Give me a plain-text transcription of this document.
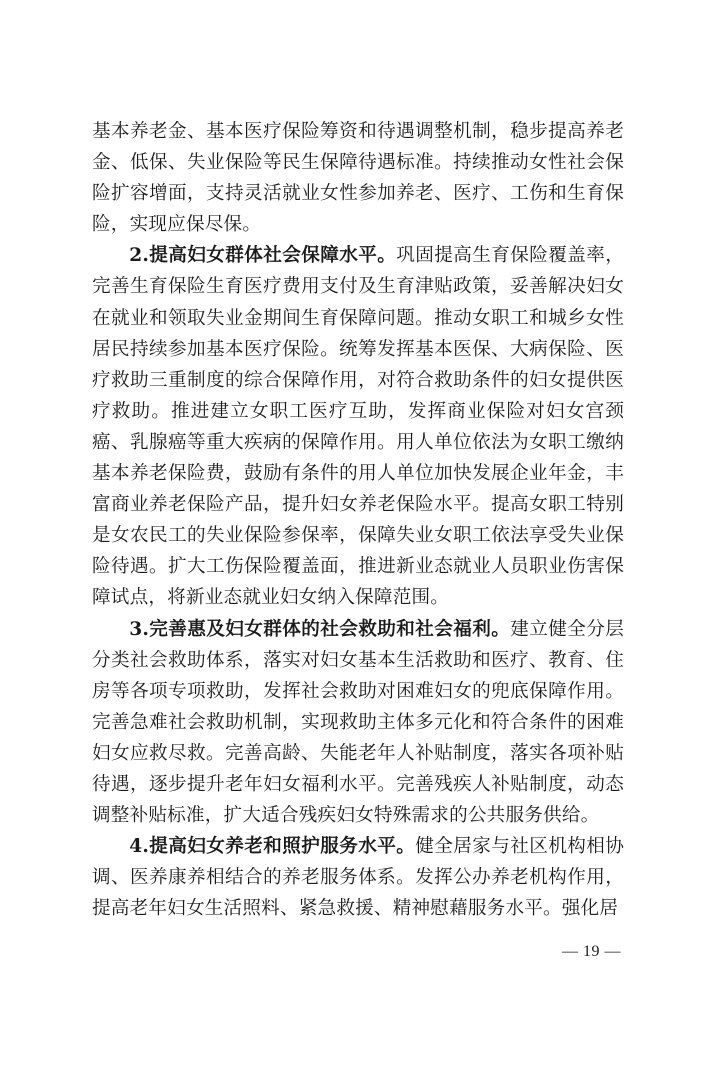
基本养老金、基本医疗保险筹资和待遇调整机制，稳步提高养老金、低保、失业保险等民生保障待遇标准。持续推动女性社会保险扩容增面，支持灵活就业女性参加养老、医疗、工伤和生育保险，实现应保尽保。

2.提高妇女群体社会保障水平。巩固提高生育保险覆盖率，完善生育保险生育医疗费用支付及生育津贴政策，妥善解决妇女在就业和领取失业金期间生育保障问题。推动女职工和城乡女性居民持续参加基本医疗保险。统筹发挥基本医保、大病保险、医疗救助三重制度的综合保障作用，对符合救助条件的妇女提供医疗救助。推进建立女职工医疗互助，发挥商业保险对妇女宫颈癌、乳腺癌等重大疾病的保障作用。用人单位依法为女职工缴纳基本养老保险费，鼓励有条件的用人单位加快发展企业年金，丰富商业养老保险产品，提升妇女养老保险水平。提高女职工特别是女农民工的失业保险参保率，保障失业女职工依法享受失业保险待遇。扩大工伤保险覆盖面，推进新业态就业人员职业伤害保障试点，将新业态就业妇女纳入保障范围。

3.完善惠及妇女群体的社会救助和社会福利。建立健全分层分类社会救助体系，落实对妇女基本生活救助和医疗、教育、住房等各项专项救助，发挥社会救助对困难妇女的兜底保障作用。完善急难社会救助机制，实现救助主体多元化和符合条件的困难妇女应救尽救。完善高龄、失能老年人补贴制度，落实各项补贴待遇，逐步提升老年妇女福利水平。完善残疾人补贴制度，动态调整补贴标准，扩大适合残疾妇女特殊需求的公共服务供给。

4.提高妇女养老和照护服务水平。健全居家与社区机构相协调、医养康养相结合的养老服务体系。发挥公办养老机构作用，提高老年妇女生活照料、紧急救援、精神慰藉服务水平。强化居

— 19 —
